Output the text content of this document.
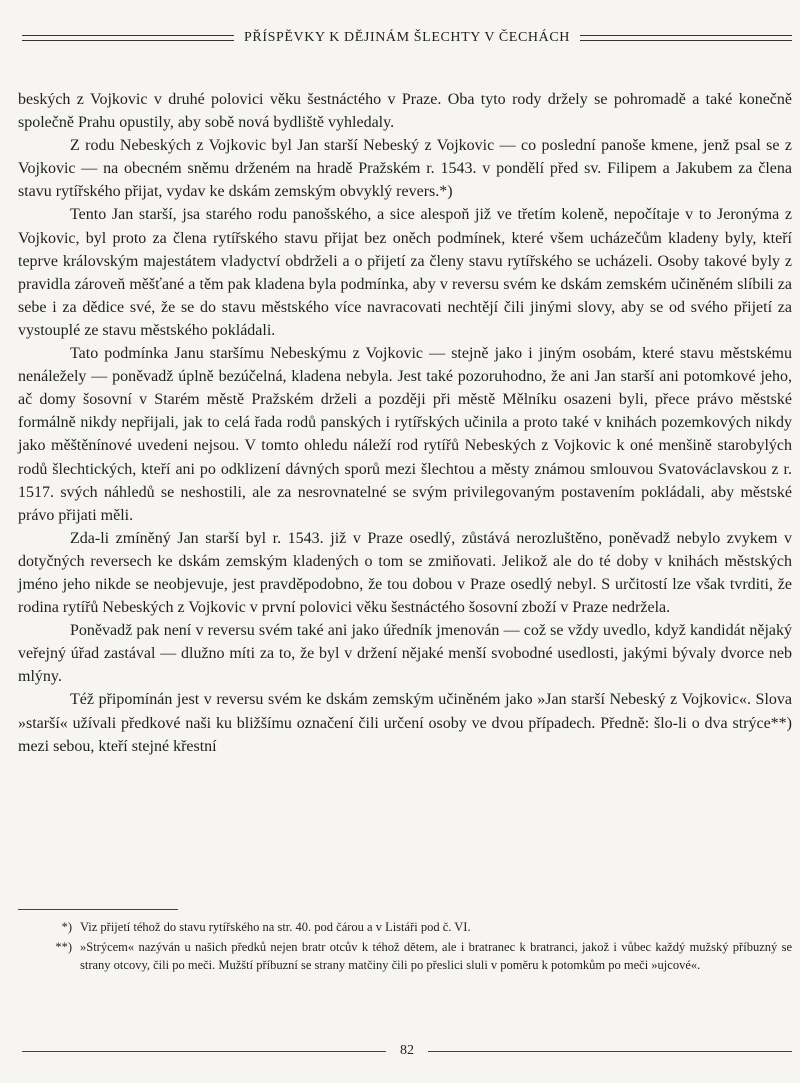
PŘÍSPĚVKY K DĚJINÁM ŠLECHTY V ČECHÁCH

beských z Vojkovic v druhé polovici věku šestnáctého v Praze. Oba tyto rody držely se pohromadě a také konečně společně Prahu opustily, aby sobě nová bydliště vyhledaly.

Z rodu Nebeských z Vojkovic byl Jan starší Nebeský z Vojkovic — co poslední panoše kmene, jenž psal se z Vojkovic — na obecném sněmu drženém na hradě Pražském r. 1543. v pondělí před sv. Filipem a Jakubem za člena stavu rytířského přijat, vydav ke dskám zemským obvyklý revers.*)

Tento Jan starší, jsa starého rodu panošského, a sice alespoň již ve třetím koleně, nepočítaje v to Jeronýma z Vojkovic, byl proto za člena rytířského stavu přijat bez oněch podmínek, které všem ucházečům kladeny byly, kteří teprve královským majestátem vladyctví obdrželi a o přijetí za členy stavu rytířského se ucházeli. Osoby takové byly z pravidla zároveň měšťané a těm pak kladena byla podmínka, aby v reversu svém ke dskám zemském učiněném slíbili za sebe i za dědice své, že se do stavu městského více navracovati nechtějí čili jinými slovy, aby se od svého přijetí za vystouplé ze stavu městského pokládali.

Tato podmínka Janu staršímu Nebeskýmu z Vojkovic — stejně jako i jiným osobám, které stavu městskému nenáležely — poněvadž úplně bezúčelná, kladena nebyla. Jest také pozoruhodno, že ani Jan starší ani potomkové jeho, ač domy šosovní v Starém městě Pražském drželi a později při městě Mělníku osazeni byli, přece právo městské formálně nikdy nepřijali, jak to celá řada rodů panských i rytířských učinila a proto také v knihách pozemkových nikdy jako měštěnínové uvedeni nejsou. V tomto ohledu náleží rod rytířů Nebeských z Vojkovic k oné menšině starobylých rodů šlechtických, kteří ani po odklizení dávných sporů mezi šlechtou a městy známou smlouvou Svatováclavskou z r. 1517. svých náhledů se neshostili, ale za nesrovnatelné se svým privilegovaným postavením pokládali, aby městské právo přijati měli.

Zda-li zmíněný Jan starší byl r. 1543. již v Praze osedlý, zůstává nerozluštěno, poněvadž nebylo zvykem v dotyčných reversech ke dskám zemským kladených o tom se zmiňovati. Jelikož ale do té doby v knihách městských jméno jeho nikde se neobjevuje, jest pravděpodobno, že tou dobou v Praze osedlý nebyl. S určitostí lze však tvrditi, že rodina rytířů Nebeských z Vojkovic v první polovici věku šestnáctého šosovní zboží v Praze nedržela.

Poněvadž pak není v reversu svém také ani jako úředník jmenován — což se vždy uvedlo, když kandidát nějaký veřejný úřad zastával — dlužno míti za to, že byl v držení nějaké menší svobodné usedlosti, jakými bývaly dvorce neb mlýny.

Též připomínán jest v reversu svém ke dskám zemským učiněném jako »Jan starší Nebeský z Vojkovic«. Slova »starší« užívali předkové naši ku bližšímu označení čili určení osoby ve dvou případech. Předně: šlo-li o dva strýce**) mezi sebou, kteří stejné křestní

*) Viz přijetí téhož do stavu rytířského na str. 40. pod čárou a v Listáři pod č. VI.
**) »Strýcem« nazýván u našich předků nejen bratr otcův k téhož dětem, ale i bratranec k bratranci, jakož i vůbec každý mužský příbuzný se strany otcovy, čili po meči. Mužští příbuzní se strany matčiny čili po přeslici sluli v poměru k potomkům po meči »ujcové«.
82
